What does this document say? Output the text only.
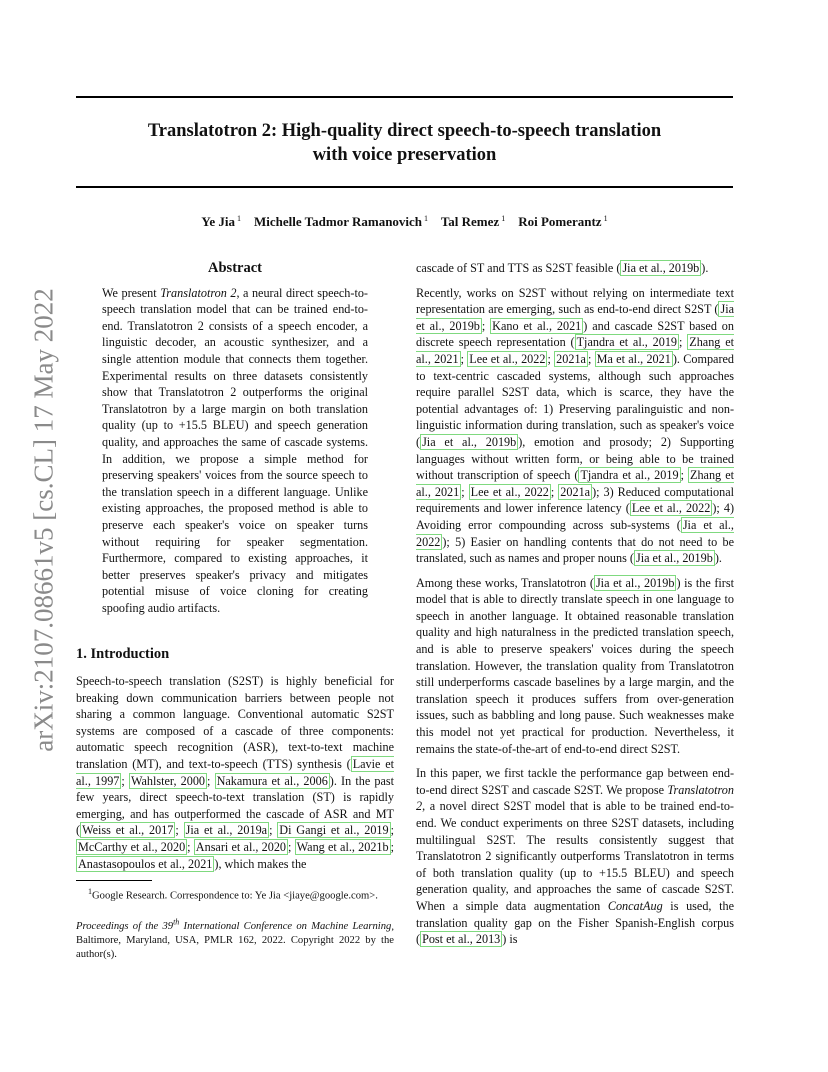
arXiv:2107.08661v5 [cs.CL] 17 May 2022
Translatotron 2: High-quality direct speech-to-speech translation
with voice preservation
Ye Jia $^1$ Michelle Tadmor Ramanovich $^1$ Tal Remez $^1$ Roi Pomerantz $^1$
Abstract
We present Translatotron 2, a neural direct speech-to-speech translation model that can be trained end-to-end. Translatotron 2 consists of a speech encoder, a linguistic decoder, an acoustic synthesizer, and a single attention module that connects them together. Experimental results on three datasets consistently show that Translatotron 2 outperforms the original Translatotron by a large margin on both translation quality (up to +15.5 BLEU) and speech generation quality, and approaches the same of cascade systems. In addition, we propose a simple method for preserving speakers' voices from the source speech to the translation speech in a different language. Unlike existing approaches, the proposed method is able to preserve each speaker's voice on speaker turns without requiring for speaker segmentation. Furthermore, compared to existing approaches, it better preserves speaker's privacy and mitigates potential misuse of voice cloning for creating spoofing audio artifacts.
1. Introduction

Speech-to-speech translation (S2ST) is highly beneficial for breaking down communication barriers between people not sharing a common language. Conventional automatic S2ST systems are composed of a cascade of three components: automatic speech recognition (ASR), text-to-text machine translation (MT), and text-to-speech (TTS) synthesis ( Lavie et al., 1997 ; Wahlster, 2000 ; Nakamura et al., 2006 ). In the past few years, direct speech-to-text translation (ST) is rapidly emerging, and has outperformed the cascade of ASR and MT ( Weiss et al., 2017 ; Jia et al., 2019a ; Di Gangi et al., 2019 ; McCarthy et al., 2020 ; Ansari et al., 2020 ; Wang et al., 2021b ; Anastasopoulos et al., 2021 ), which makes the

$^1$Google Research. Correspondence to: Ye Jia <jiaye@google.com>.
Proceedings of the 39th International Conference on Machine Learning, Baltimore, Maryland, USA, PMLR 162, 2022. Copyright 2022 by the author(s).

cascade of ST and TTS as S2ST feasible ( Jia et al., 2019b ).

Recently, works on S2ST without relying on intermediate text representation are emerging, such as end-to-end direct S2ST ( Jia et al., 2019b ; Kano et al., 2021 ) and cascade S2ST based on discrete speech representation ( Tjandra et al., 2019 ; Zhang et al., 2021 ; Lee et al., 2022 ; 2021a ; Ma et al., 2021 ). Compared to text-centric cascaded systems, although such approaches require parallel S2ST data, which is scarce, they have the potential advantages of: 1) Preserving paralinguistic and non-linguistic information during translation, such as speaker's voice ( Jia et al., 2019b ), emotion and prosody; 2) Supporting languages without written form, or being able to be trained without transcription of speech ( Tjandra et al., 2019 ; Zhang et al., 2021 ; Lee et al., 2022 ; 2021a ); 3) Reduced computational requirements and lower inference latency ( Lee et al., 2022 ); 4) Avoiding error compounding across sub-systems ( Jia et al., 2022 ); 5) Easier on handling contents that do not need to be translated, such as names and proper nouns ( Jia et al., 2019b ).

Among these works, Translatotron ( Jia et al., 2019b ) is the first model that is able to directly translate speech in one language to speech in another language. It obtained reasonable translation quality and high naturalness in the predicted translation speech, and is able to preserve speakers' voices during the speech translation. However, the translation quality from Translatotron still underperforms cascade baselines by a large margin, and the translation speech it produces suffers from over-generation issues, such as babbling and long pause. Such weaknesses make this model not yet practical for production. Nevertheless, it remains the state-of-the-art of end-to-end direct S2ST.

In this paper, we first tackle the performance gap between end-to-end direct S2ST and cascade S2ST. We propose Translatotron 2, a novel direct S2ST model that is able to be trained end-to-end. We conduct experiments on three S2ST datasets, including multilingual S2ST. The results consistently suggest that Translatotron 2 significantly outperforms Translatotron in terms of both translation quality (up to +15.5 BLEU) and speech generation quality, and approaches the same of cascade S2ST. When a simple data augmentation ConcatAug is used, the translation quality gap on the Fisher Spanish-English corpus ( Post et al., 2013 ) is
